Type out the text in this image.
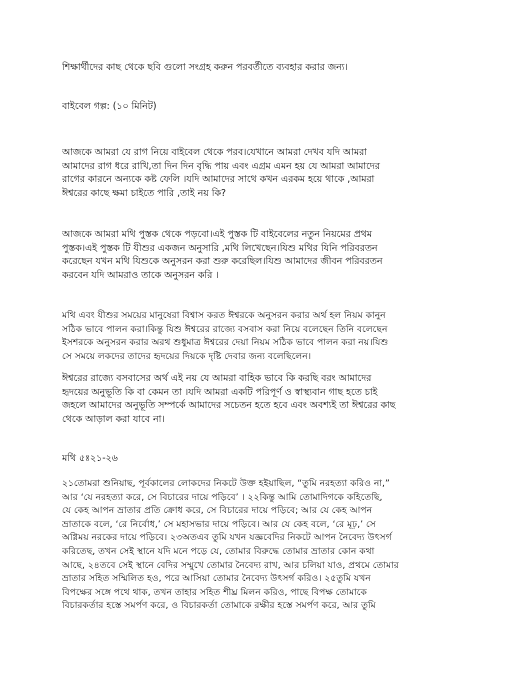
শিক্ষার্থীদের কাছ থেকে ছবি গুলো সংগ্রহ করুন পরবর্তীতে ব্যবহার করার জন্য।

বাইবেল গল্প: (১০ মিনিট)

আজকে আমরা যে রাগ নিয়ে বাইবেল থেকে পরব।যেখানে আমরা দেখব যদি আমরা
আমাদের রাগ ধরে রাখি,তা দিন দিন বৃদ্ধি পায় এবং এগ্রম এমন হয় যে আমরা আমাদের
রাগের কারনে অন্যকে কষ্ট ফেলি ।যদি আমাদের সাথে কখন এরকম হয়ে থাকে ,আমরা
ঈশ্বরের কাছে ক্ষমা চাইতে পারি ,তাই নয় কি?

আজকে আমরা মথি পুস্তক থেকে পড়বো।এই পুস্তক টি বাইবেলের নতুন নিয়মের প্রথম
পুস্তক।এই পুস্তক টি যীশুর একজন অনুসারি ,মথি লিখেছেন।যিশু মথির যিনি পরিবরতন
করেছেন যখন মথি যিশুকে অনুসরন করা শুরু করেছিল।যিশু আমাদের জীবন পরিবরতন
করবেন যদি আমরাও তাকে অনুসরন করি ।

মথি এবং যীশুর সময়ের মানুষেরা বিশ্বাস করত ঈশ্বরকে অনুসরন করার অর্থ হল নিয়ম কানুন
সঠিক ভাবে পালন করা।কিন্তু যিশু ঈশ্বরের রাজ্যে বসবাস করা নিয়ে বলেছেন তিনি বলেছেন
ইসশরকে অনুসরন করার অরথ শুধুমাত্র ঈশ্বরের দেয়া নিয়ম সঠিক ভাবে পালন করা নয়।যিশু
সে সময়ে লকদের তাদের হৃদয়ের দিয়কে দৃষ্টি দেবার জন্য বলেছিলেন।

ঈশ্বরের রাজ্যে বসবাসের অর্থ এই নয় যে আমরা বাহিক ভাবে কি করছি বরং আমাদের
হৃদয়ের অনুভূতি কি বা কেমন তা ।যদি আমরা একটি পরিপূর্ণ ও স্বাস্থ্যবান গাছ হতে চাই
জহলে আমাদের অনুভূতি সম্পর্কে আমাদের সচেতন হতে হবে এবং অবশ্যই তা ঈশ্বরের কাছ
থেকে আড়াল করা যাবে না।

মথি ৫ঃ২১-২৬

২১তোমরা শুনিয়াছ, পূর্বকালের লোকদের নিকটে উক্ত হইয়াছিল, “তুমি নরহত্যা করিও না,”
আর ‘যে নরহত্যা করে, সে বিচারের দায়ে পড়িবে’ । ২২কিন্তু আমি তোমাদিগকে কহিতেছি,
যে কেহ আপন ভ্রাতার প্রতি ক্রোধ করে, সে বিচারের দায়ে পড়িবে; আর যে কেহ আপন
ভ্রাতাকে বলে, ‘রে নির্বোধ,’ সে মহাসভার দায়ে পড়িবে। আর যে কেহ বলে, ‘রে মূঢ়,’ সে
অগ্নিময় নরকের দায়ে পড়িবে। ২৩অতএব তুমি যখন যজ্ঞবেদির নিকটে আপন নৈবেদ্য উৎসর্গ
করিতেছ, তখন সেই স্থানে যদি মনে পড়ে যে, তোমার বিরুদ্ধে তোমার ভ্রাতার কোন কথা
আছে, ২৪তবে সেই স্থানে বেদির সম্মুখে তোমার নৈবেদ্য রাখ, আর চলিয়া যাও, প্রথমে তোমার
ভ্রাতার সহিত সম্মিলিত হও, পরে আসিয়া তোমার নৈবেদ্য উৎসর্গ করিও। ২৫তুমি যখন
বিপক্ষের সঙ্গে পথে থাক, তখন তাহার সহিত শীঘ্র মিলন করিও, পাছে বিপক্ষ তোমাকে
বিচারকর্তার হস্তে সমর্পণ করে, ও বিচারকর্তা তোমাকে রক্ষীর হস্তে সমর্পণ করে, আর তুমি
